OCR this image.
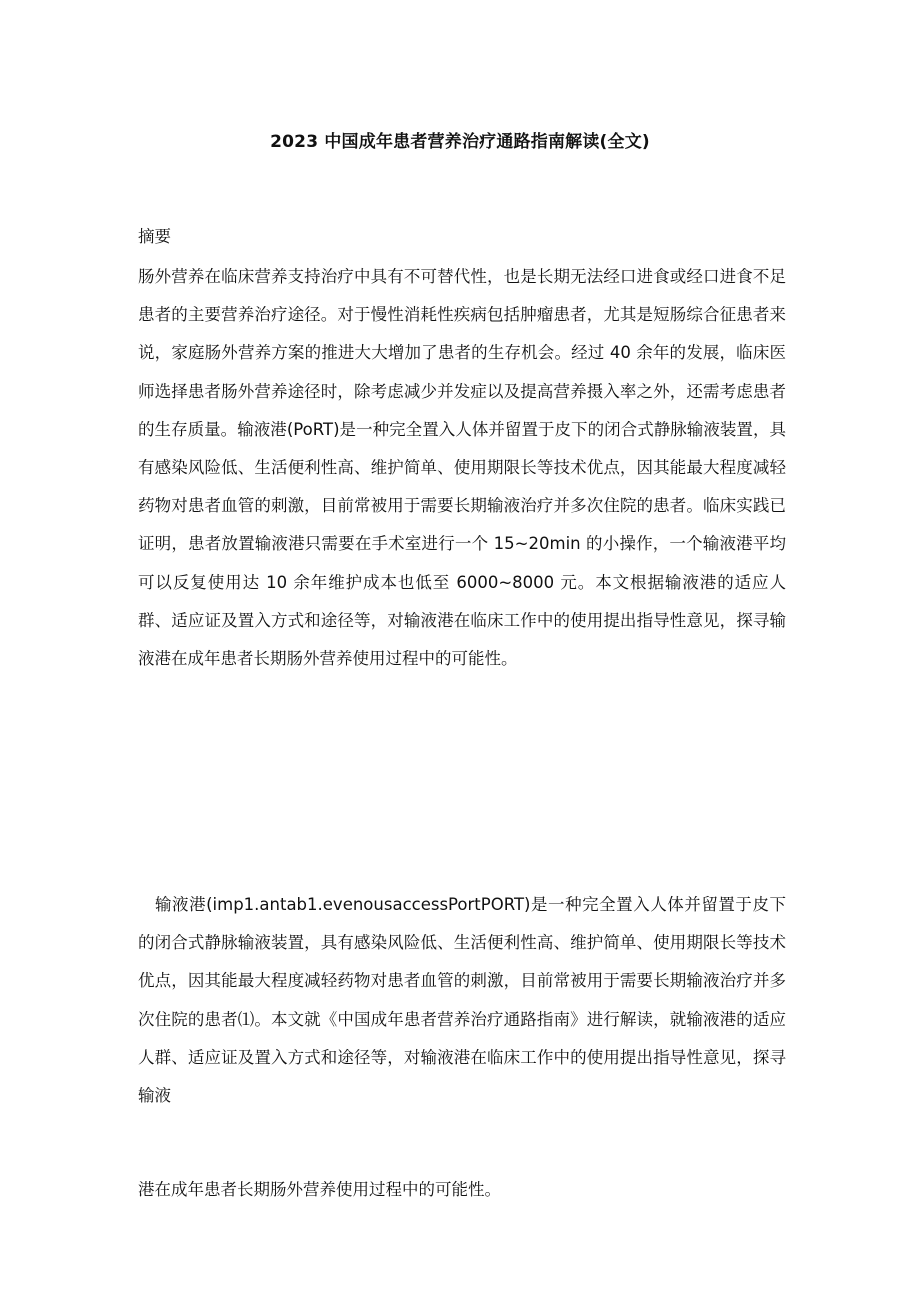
2023 中国成年患者营养治疗通路指南解读(全文)
摘要

肠外营养在临床营养支持治疗中具有不可替代性，也是长期无法经口进食或经口进食不足患者的主要营养治疗途径。对于慢性消耗性疾病包括肿瘤患者，尤其是短肠综合征患者来说，家庭肠外营养方案的推进大大增加了患者的生存机会。经过 40 余年的发展，临床医师选择患者肠外营养途径时，除考虑减少并发症以及提高营养摄入率之外，还需考虑患者的生存质量。输液港(PoRT)是一种完全置入人体并留置于皮下的闭合式静脉输液装置，具有感染风险低、生活便利性高、维护简单、使用期限长等技术优点，因其能最大程度减轻药物对患者血管的刺激，目前常被用于需要长期输液治疗并多次住院的患者。临床实践已证明，患者放置输液港只需要在手术室进行一个 15~20min 的小操作，一个输液港平均可以反复使用达 10 余年维护成本也低至 6000~8000 元。本文根据输液港的适应人群、适应证及置入方式和途径等，对输液港在临床工作中的使用提出指导性意见，探寻输液港在成年患者长期肠外营养使用过程中的可能性。

输液港(imp1.antab1.evenousaccessPortPORT)是一种完全置入人体并留置于皮下的闭合式静脉输液装置，具有感染风险低、生活便利性高、维护简单、使用期限长等技术优点，因其能最大程度减轻药物对患者血管的刺激，目前常被用于需要长期输液治疗并多次住院的患者⑴。本文就《中国成年患者营养治疗通路指南》进行解读，就输液港的适应人群、适应证及置入方式和途径等，对输液港在临床工作中的使用提出指导性意见，探寻输液

港在成年患者长期肠外营养使用过程中的可能性。
